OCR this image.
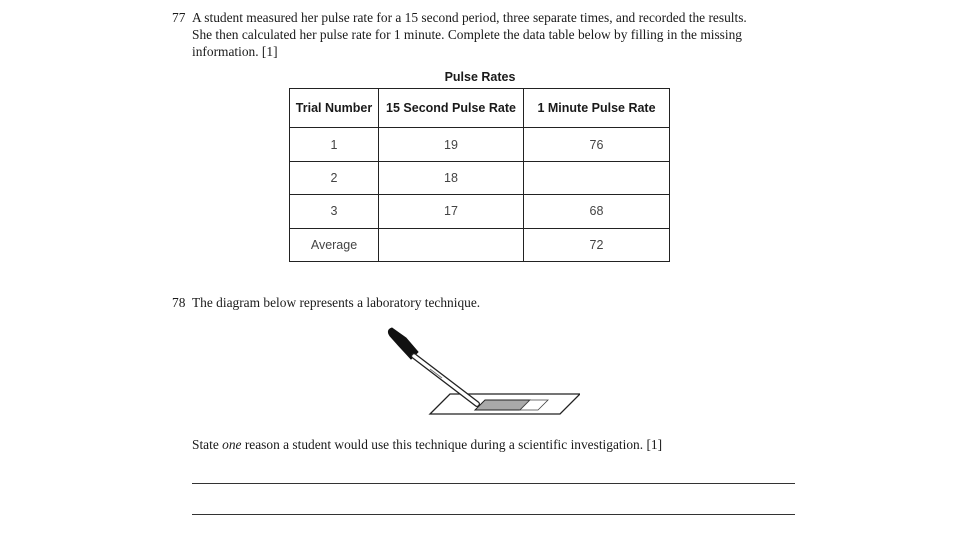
77 A student measured her pulse rate for a 15 second period, three separate times, and recorded the results.
She then calculated her pulse rate for 1 minute. Complete the data table below by filling in the missing
information. [1]
Pulse Rates
Trial Number	15 Second Pulse Rate	1 Minute Pulse Rate
1	19	76
2	18	
3	17	68
Average		72
78 The diagram below represents a laboratory technique.
State one reason a student would use this technique during a scientific investigation. [1]
